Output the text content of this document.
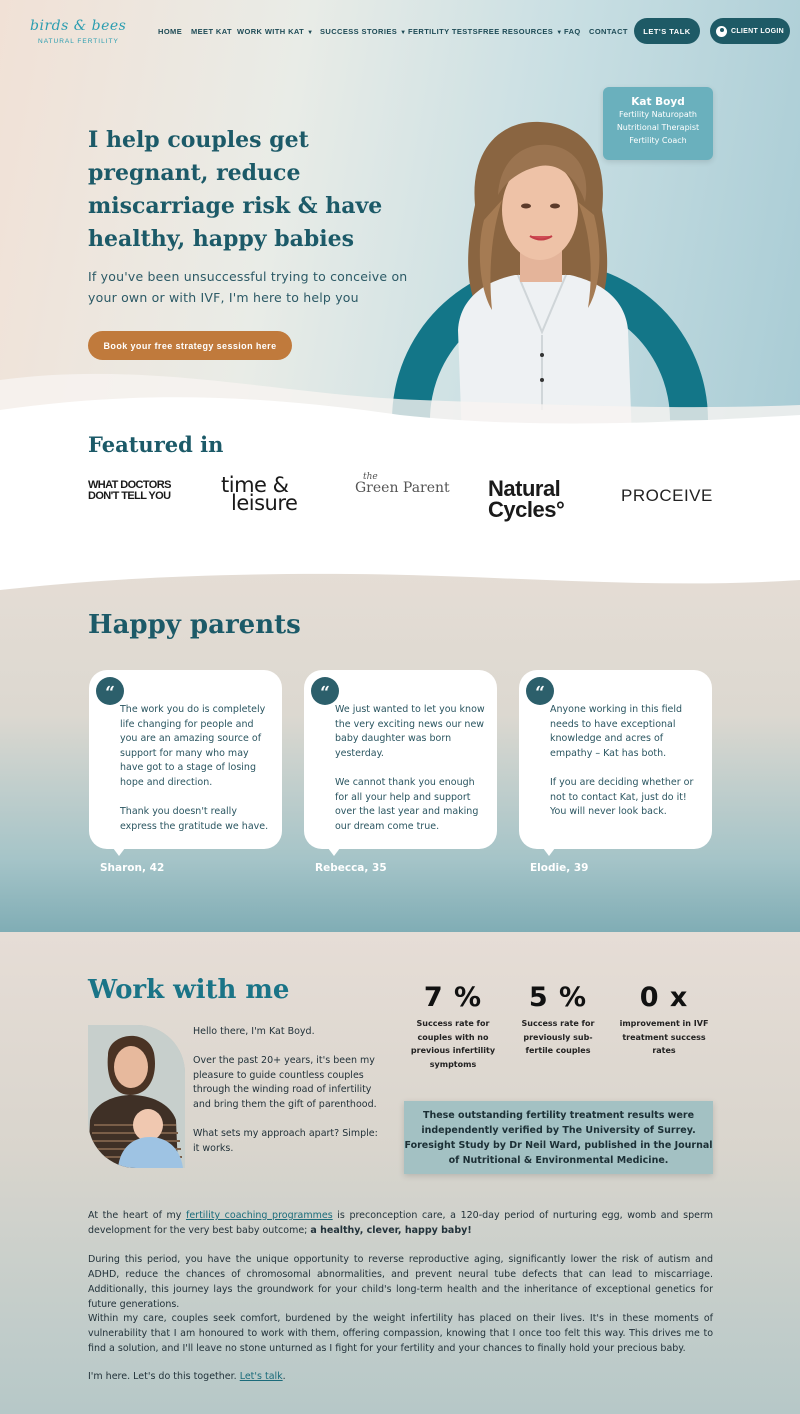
birds & bees
NATURAL FERTILITY
HOME MEET KAT WORK WITH KAT ▼ SUCCESS STORIES ▼ FERTILITY TESTS FREE RESOURCES ▼ FAQ CONTACT	LET'S TALK	CLIENT LOGIN
I help couples get pregnant, reduce miscarriage risk & have healthy, happy babies

If you've been unsuccessful trying to conceive on your own or with IVF, I'm here to help you

Book your free strategy session here
Kat Boyd
Fertility Naturopath
Nutritional Therapist
Fertility Coach
Featured in
WHAT DOCTORS
DON'T TELL YOU time &
leisure
the
Green Parent Natural
Cycles°
PROCEIVE
Happy parents
“

The work you do is completely life changing for people and you are an amazing source of support for many who may have got to a stage of losing hope and direction.

Thank you doesn't really express the gratitude we have.

Sharon, 42
“

We just wanted to let you know the very exciting news our new baby daughter was born yesterday.

We cannot thank you enough for all your help and support over the last year and making our dream come true.

Rebecca, 35
“

Anyone working in this field needs to have exceptional knowledge and acres of empathy – Kat has both.

If you are deciding whether or not to contact Kat, just do it! You will never look back.

Elodie, 39
Work with me

Hello there, I'm Kat Boyd.

Over the past 20+ years, it's been my pleasure to guide countless couples through the winding road of infertility and bring them the gift of parenthood.

What sets my approach apart? Simple: it works.

7 %
Success rate for couples with no previous infertility symptoms
5 %
Success rate for previously sub-fertile couples
0 x
improvement in IVF treatment success rates
These outstanding fertility treatment results were independently verified by The University of Surrey. Foresight Study by Dr Neil Ward, published in the Journal of Nutritional & Environmental Medicine.

At the heart of my fertility coaching programmes is preconception care, a 120-day period of nurturing egg, womb and sperm development for the very best baby outcome; a healthy, clever, happy baby!

During this period, you have the unique opportunity to reverse reproductive aging, significantly lower the risk of autism and ADHD, reduce the chances of chromosomal abnormalities, and prevent neural tube defects that can lead to miscarriage. Additionally, this journey lays the groundwork for your child's long-term health and the inheritance of exceptional genetics for future generations.

Within my care, couples seek comfort, burdened by the weight infertility has placed on their lives. It's in these moments of vulnerability that I am honoured to work with them, offering compassion, knowing that I once too felt this way. This drives me to find a solution, and I'll leave no stone unturned as I fight for your fertility and your chances to finally hold your precious baby.

I'm here. Let's do this together. Let's talk.
